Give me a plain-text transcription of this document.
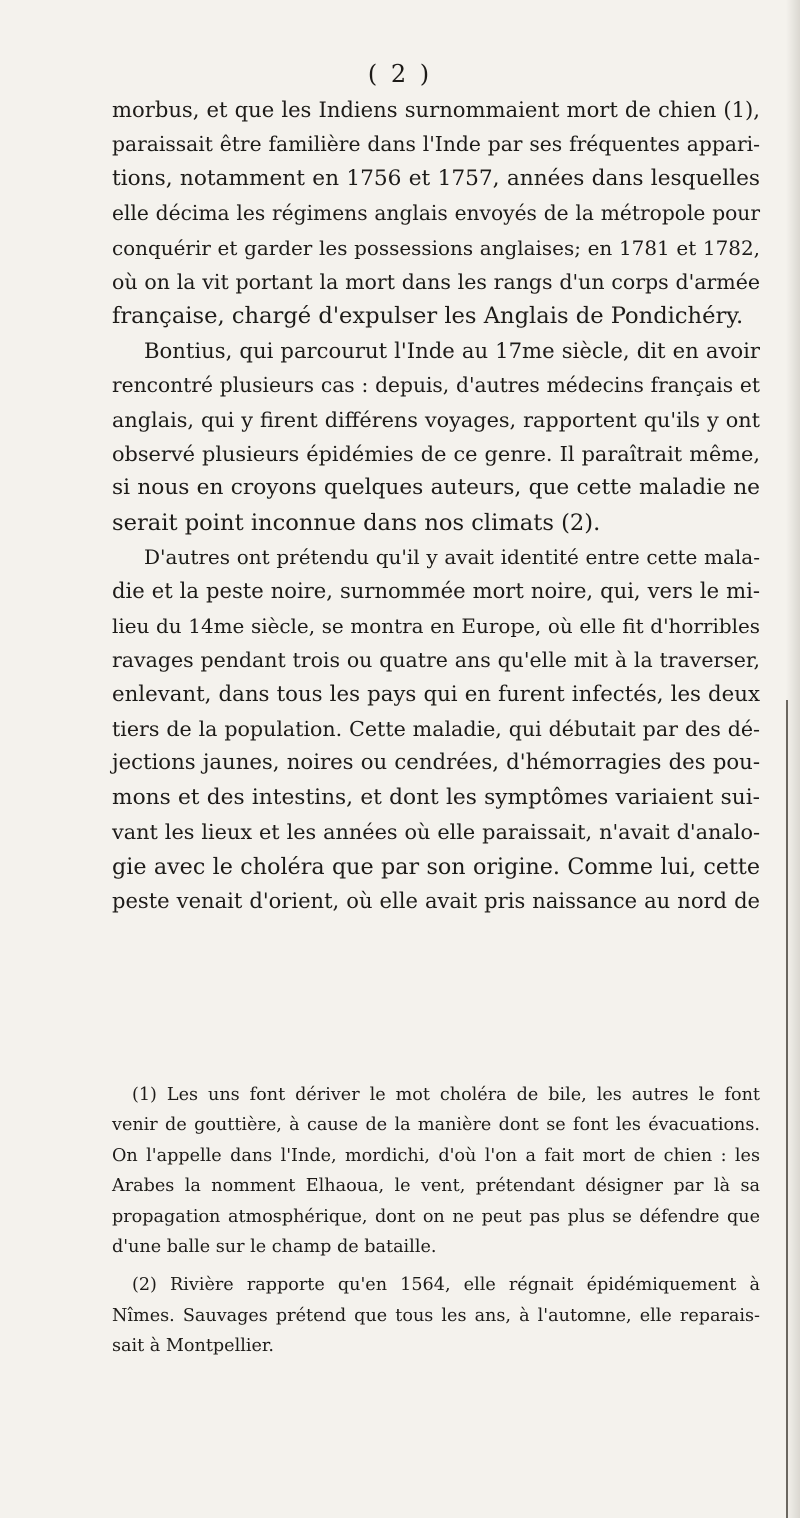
( 2 )
morbus, et que les Indiens surnommaient mort de chien (1),
paraissait être familière dans l'Inde par ses fréquentes appari-
tions, notamment en 1756 et 1757, années dans lesquelles
elle décima les régimens anglais envoyés de la métropole pour
conquérir et garder les possessions anglaises; en 1781 et 1782,
où on la vit portant la mort dans les rangs d'un corps d'armée
française, chargé d'expulser les Anglais de Pondichéry.
Bontius, qui parcourut l'Inde au 17me siècle, dit en avoir
rencontré plusieurs cas : depuis, d'autres médecins français et
anglais, qui y firent différens voyages, rapportent qu'ils y ont
observé plusieurs épidémies de ce genre. Il paraîtrait même,
si nous en croyons quelques auteurs, que cette maladie ne
serait point inconnue dans nos climats (2).
D'autres ont prétendu qu'il y avait identité entre cette mala-
die et la peste noire, surnommée mort noire, qui, vers le mi-
lieu du 14me siècle, se montra en Europe, où elle fit d'horribles
ravages pendant trois ou quatre ans qu'elle mit à la traverser,
enlevant, dans tous les pays qui en furent infectés, les deux
tiers de la population. Cette maladie, qui débutait par des dé-
jections jaunes, noires ou cendrées, d'hémorragies des pou-
mons et des intestins, et dont les symptômes variaient sui-
vant les lieux et les années où elle paraissait, n'avait d'analo-
gie avec le choléra que par son origine. Comme lui, cette
peste venait d'orient, où elle avait pris naissance au nord de
(1) Les uns font dériver le mot choléra de bile, les autres le font
venir de gouttière, à cause de la manière dont se font les évacuations.
On l'appelle dans l'Inde, mordichi, d'où l'on a fait mort de chien : les
Arabes la nomment Elhaoua, le vent, prétendant désigner par là sa
propagation atmosphérique, dont on ne peut pas plus se défendre que
d'une balle sur le champ de bataille.
(2) Rivière rapporte qu'en 1564, elle régnait épidémiquement à
Nîmes. Sauvages prétend que tous les ans, à l'automne, elle reparais-
sait à Montpellier.
